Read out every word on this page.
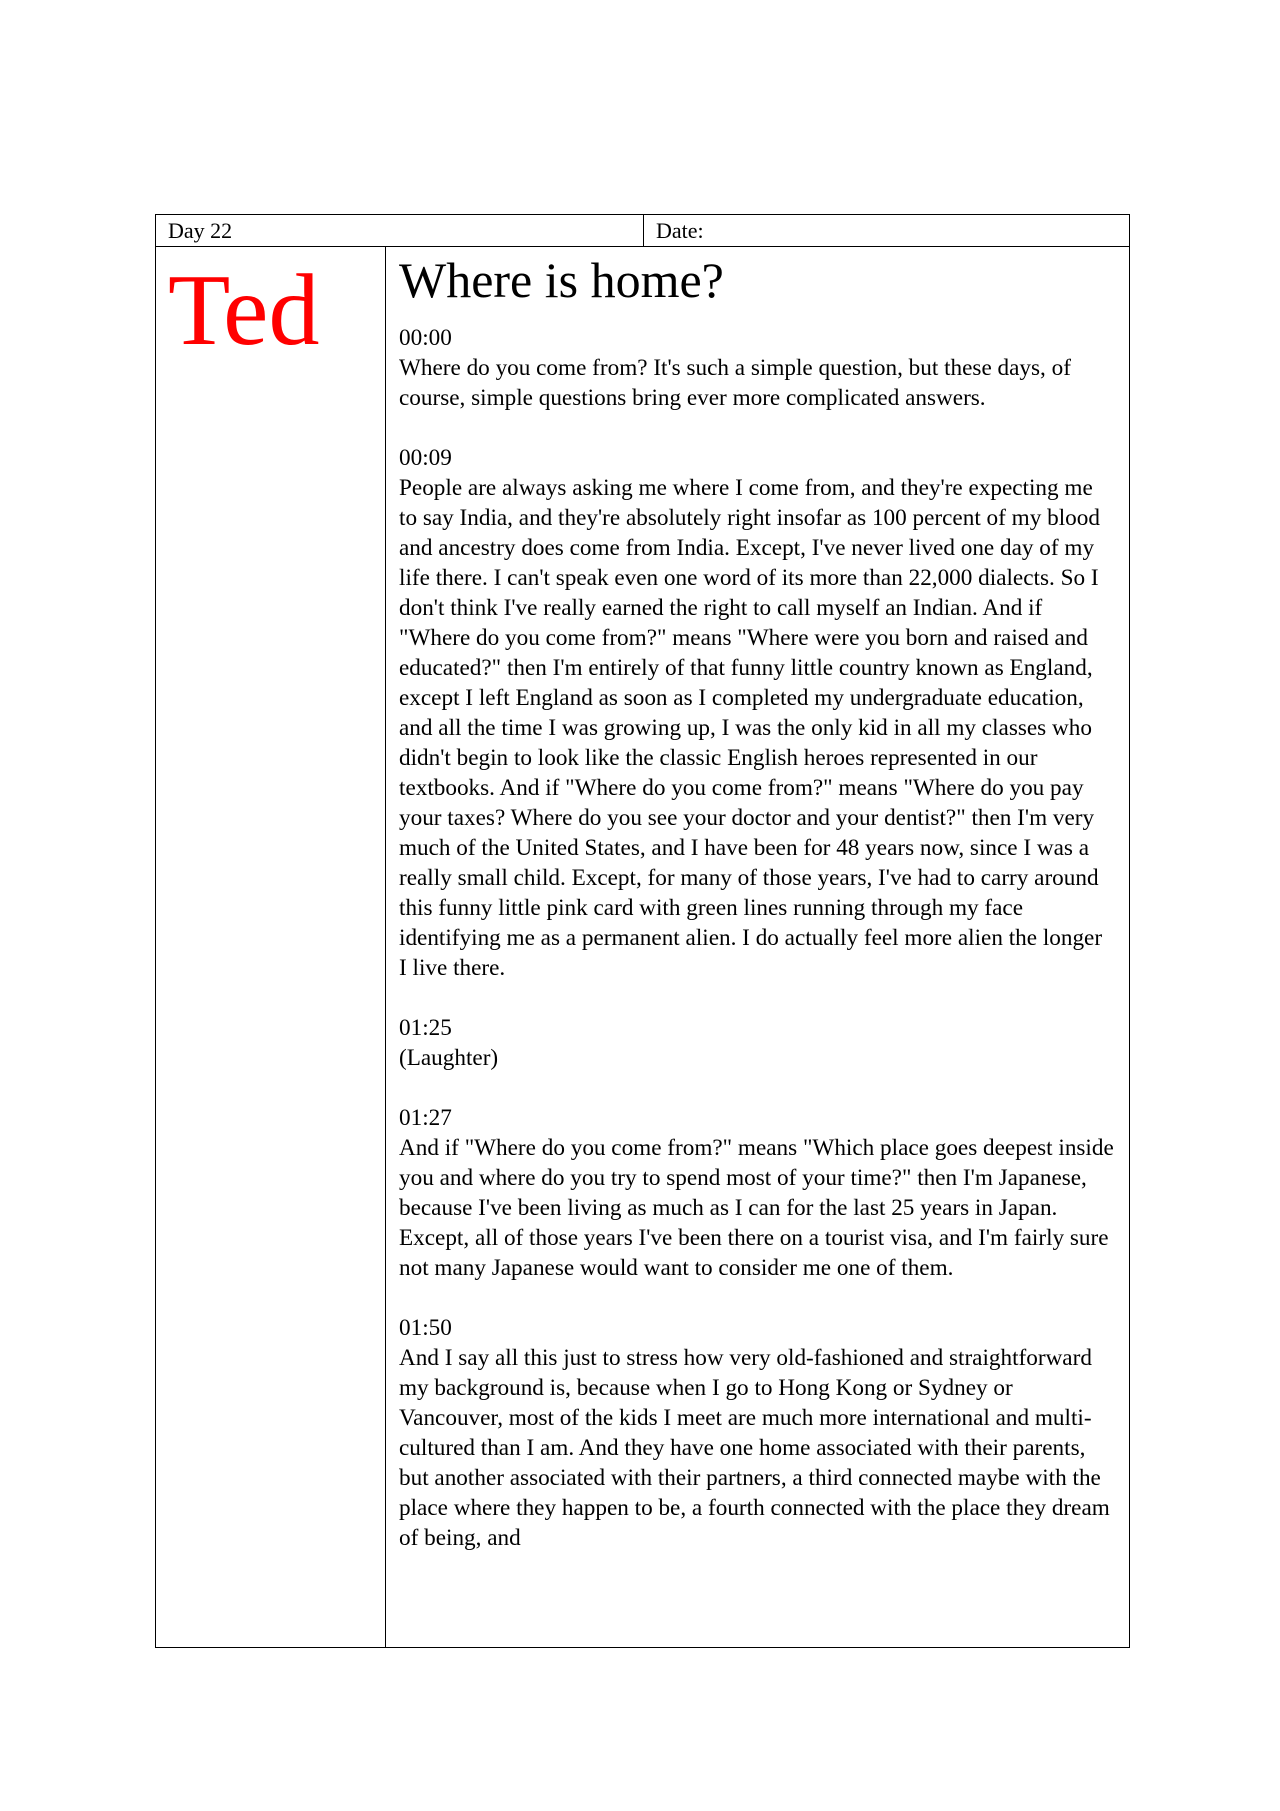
Day 22	Date:
Ted Where is home?
00:00
Where do you come from? It's such a simple question, but these days, of course, simple questions bring ever more complicated answers.
00:09
People are always asking me where I come from, and they're expecting me to say India, and they're absolutely right insofar as 100 percent of my blood and ancestry does come from India. Except, I've never lived one day of my life there. I can't speak even one word of its more than 22,000 dialects. So I don't think I've really earned the right to call myself an Indian. And if "Where do you come from?" means "Where were you born and raised and educated?" then I'm entirely of that funny little country known as England, except I left England as soon as I completed my undergraduate education, and all the time I was growing up, I was the only kid in all my classes who didn't begin to look like the classic English heroes represented in our textbooks. And if "Where do you come from?" means "Where do you pay your taxes? Where do you see your doctor and your dentist?" then I'm very much of the United States, and I have been for 48 years now, since I was a really small child. Except, for many of those years, I've had to carry around this funny little pink card with green lines running through my face identifying me as a permanent alien. I do actually feel more alien the longer I live there.
01:25
(Laughter)
01:27
And if "Where do you come from?" means "Which place goes deepest inside you and where do you try to spend most of your time?" then I'm Japanese, because I've been living as much as I can for the last 25 years in Japan. Except, all of those years I've been there on a tourist visa, and I'm fairly sure not many Japanese would want to consider me one of them.
01:50
And I say all this just to stress how very old-fashioned and straightforward my background is, because when I go to Hong Kong or Sydney or Vancouver, most of the kids I meet are much more international and multi-cultured than I am. And they have one home associated with their parents, but another associated with their partners, a third connected maybe with the place where they happen to be, a fourth connected with the place they dream of being, and
